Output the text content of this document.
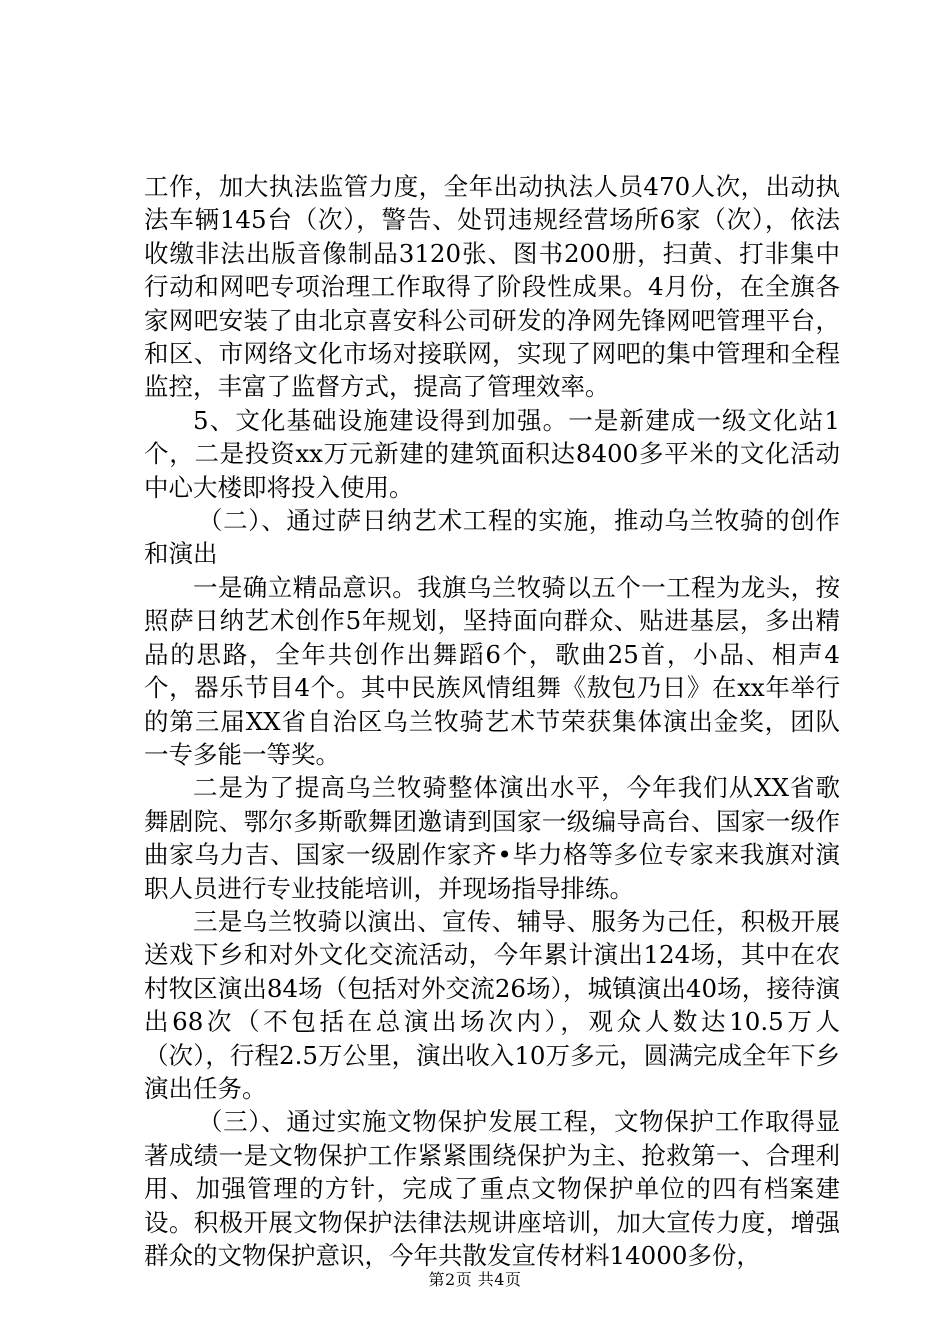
工作，加大执法监管力度，全年出动执法人员470人次，出动执法车辆145台（次），警告、处罚违规经营场所6家（次），依法收缴非法出版音像制品3120张、图书200册，扫黄、打非集中行动和网吧专项治理工作取得了阶段性成果。4月份，在全旗各家网吧安装了由北京喜安科公司研发的净网先锋网吧管理平台，和区、市网络文化市场对接联网，实现了网吧的集中管理和全程监控，丰富了监督方式，提高了管理效率。

5、文化基础设施建设得到加强。一是新建成一级文化站1个，二是投资xx万元新建的建筑面积达8400多平米的文化活动中心大楼即将投入使用。

（二）、通过萨日纳艺术工程的实施，推动乌兰牧骑的创作和演出

一是确立精品意识。我旗乌兰牧骑以五个一工程为龙头，按照萨日纳艺术创作5年规划，坚持面向群众、贴进基层，多出精品的思路，全年共创作出舞蹈6个，歌曲25首，小品、相声4个，器乐节目4个。其中民族风情组舞《敖包乃日》在xx年举行的第三届XX省自治区乌兰牧骑艺术节荣获集体演出金奖，团队一专多能一等奖。

二是为了提高乌兰牧骑整体演出水平，今年我们从XX省歌舞剧院、鄂尔多斯歌舞团邀请到国家一级编导高台、国家一级作曲家乌力吉、国家一级剧作家齐•毕力格等多位专家来我旗对演职人员进行专业技能培训，并现场指导排练。

三是乌兰牧骑以演出、宣传、辅导、服务为己任，积极开展送戏下乡和对外文化交流活动，今年累计演出124场，其中在农村牧区演出84场（包括对外交流26场），城镇演出40场，接待演出68次（不包括在总演出场次内），观众人数达10.5万人（次），行程2.5万公里，演出收入10万多元，圆满完成全年下乡演出任务。

（三）、通过实施文物保护发展工程，文物保护工作取得显著成绩一是文物保护工作紧紧围绕保护为主、抢救第一、合理利用、加强管理的方针，完成了重点文物保护单位的四有档案建设。积极开展文物保护法律法规讲座培训，加大宣传力度，增强群众的文物保护意识，今年共散发宣传材料14000多份，

第2页 共4页
